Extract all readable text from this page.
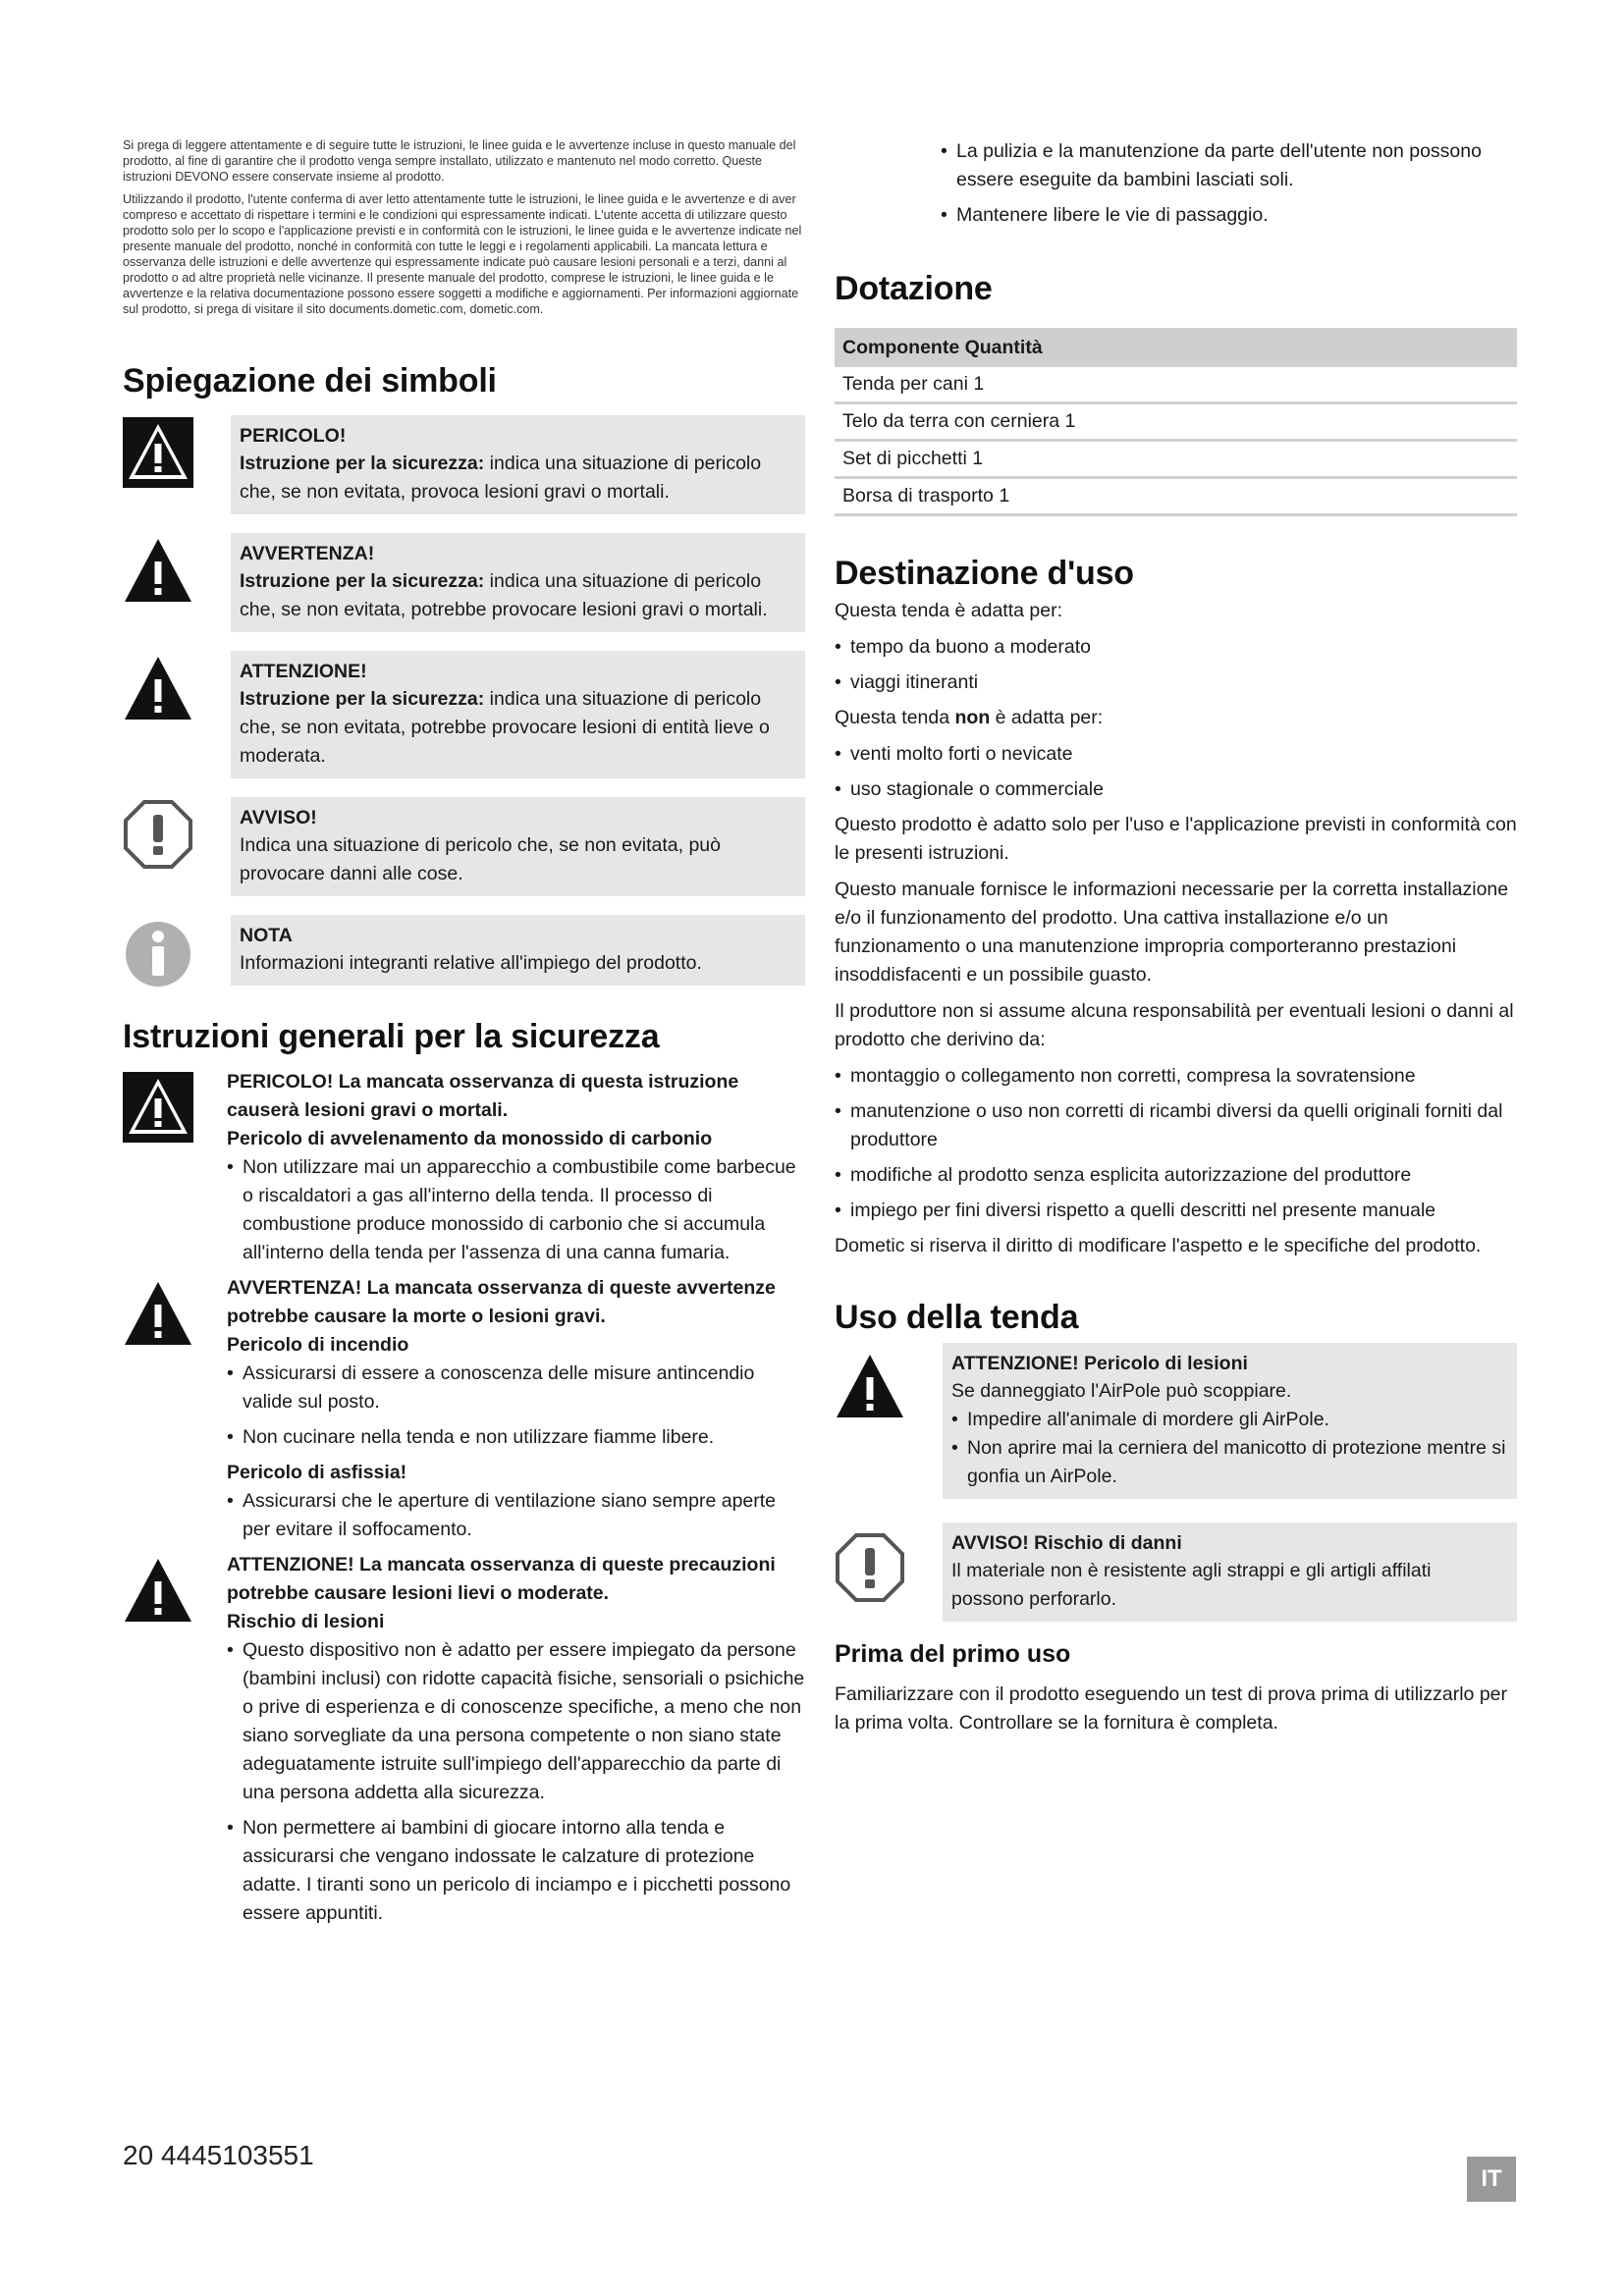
Si prega di leggere attentamente e di seguire tutte le istruzioni, le linee guida e le avvertenze incluse in questo manuale del prodotto, al fine di garantire che il prodotto venga sempre installato, utilizzato e mantenuto nel modo corretto. Queste istruzioni DEVONO essere conservate insieme al prodotto.

Utilizzando il prodotto, l'utente conferma di aver letto attentamente tutte le istruzioni, le linee guida e le avvertenze e di aver compreso e accettato di rispettare i termini e le condizioni qui espressamente indicati. L'utente accetta di utilizzare questo prodotto solo per lo scopo e l'applicazione previsti e in conformità con le istruzioni, le linee guida e le avvertenze indicate nel presente manuale del prodotto, nonché in conformità con tutte le leggi e i regolamenti applicabili. La mancata lettura e osservanza delle istruzioni e delle avvertenze qui espressamente indicate può causare lesioni personali e a terzi, danni al prodotto o ad altre proprietà nelle vicinanze. Il presente manuale del prodotto, comprese le istruzioni, le linee guida e le avvertenze e la relativa documentazione possono essere soggetti a modifiche e aggiornamenti. Per informazioni aggiornate sul prodotto, si prega di visitare il sito documents.dometic.com, dometic.com.

Spiegazione dei simboli
PERICOLO!
Istruzione per la sicurezza: indica una situazione di pericolo che, se non evitata, provoca lesioni gravi o mortali.
AVVERTENZA!
Istruzione per la sicurezza: indica una situazione di pericolo che, se non evitata, potrebbe provocare lesioni gravi o mortali.
ATTENZIONE!
Istruzione per la sicurezza: indica una situazione di pericolo che, se non evitata, potrebbe provocare lesioni di entità lieve o moderata.
AVVISO!
Indica una situazione di pericolo che, se non evitata, può provocare danni alle cose.
NOTA
Informazioni integranti relative all'impiego del prodotto.
Istruzioni generali per la sicurezza
PERICOLO! La mancata osservanza di questa istruzione causerà lesioni gravi o mortali.
Pericolo di avvelenamento da monossido di carbonio
• Non utilizzare mai un apparecchio a combustibile come barbecue o riscaldatori a gas all'interno della tenda. Il processo di combustione produce monossido di carbonio che si accumula all'interno della tenda per l'assenza di una canna fumaria.
AVVERTENZA! La mancata osservanza di queste avvertenze potrebbe causare la morte o lesioni gravi.
Pericolo di incendio
• Assicurarsi di essere a conoscenza delle misure antincendio valide sul posto.
• Non cucinare nella tenda e non utilizzare fiamme libere.
Pericolo di asfissia!
• Assicurarsi che le aperture di ventilazione siano sempre aperte per evitare il soffocamento.
ATTENZIONE! La mancata osservanza di queste precauzioni potrebbe causare lesioni lievi o moderate.
Rischio di lesioni
• Questo dispositivo non è adatto per essere impiegato da persone (bambini inclusi) con ridotte capacità fisiche, sensoriali o psichiche o prive di esperienza e di conoscenze specifiche, a meno che non siano sorvegliate da una persona competente o non siano state adeguatamente istruite sull'impiego dell'apparecchio da parte di una persona addetta alla sicurezza.
• Non permettere ai bambini di giocare intorno alla tenda e assicurarsi che vengano indossate le calzature di protezione adatte. I tiranti sono un pericolo di inciampo e i picchetti possono essere appuntiti.
• La pulizia e la manutenzione da parte dell'utente non possono essere eseguite da bambini lasciati soli.
• Mantenere libere le vie di passaggio.
Dotazione
Componente Quantità
Tenda per cani 1
Telo da terra con cerniera 1
Set di picchetti 1
Borsa di trasporto 1
Destinazione d'uso

Questa tenda è adatta per:

• tempo da buono a moderato
• viaggi itineranti

Questa tenda non è adatta per:

• venti molto forti o nevicate
• uso stagionale o commerciale

Questo prodotto è adatto solo per l'uso e l'applicazione previsti in conformità con le presenti istruzioni.

Questo manuale fornisce le informazioni necessarie per la corretta installazione e/o il funzionamento del prodotto. Una cattiva installazione e/o un funzionamento o una manutenzione impropria comporteranno prestazioni insoddisfacenti e un possibile guasto.

Il produttore non si assume alcuna responsabilità per eventuali lesioni o danni al prodotto che derivino da:

• montaggio o collegamento non corretti, compresa la sovratensione
• manutenzione o uso non corretti di ricambi diversi da quelli originali forniti dal produttore
• modifiche al prodotto senza esplicita autorizzazione del produttore
• impiego per fini diversi rispetto a quelli descritti nel presente manuale

Dometic si riserva il diritto di modificare l'aspetto e le specifiche del prodotto.

Uso della tenda
ATTENZIONE! Pericolo di lesioni
Se danneggiato l'AirPole può scoppiare.
• Impedire all'animale di mordere gli AirPole.
• Non aprire mai la cerniera del manicotto di protezione mentre si gonfia un AirPole.
AVVISO! Rischio di danni
Il materiale non è resistente agli strappi e gli artigli affilati possono perforarlo.
Prima del primo uso

Familiarizzare con il prodotto eseguendo un test di prova prima di utilizzarlo per la prima volta. Controllare se la fornitura è completa.

20 4445103551
IT
